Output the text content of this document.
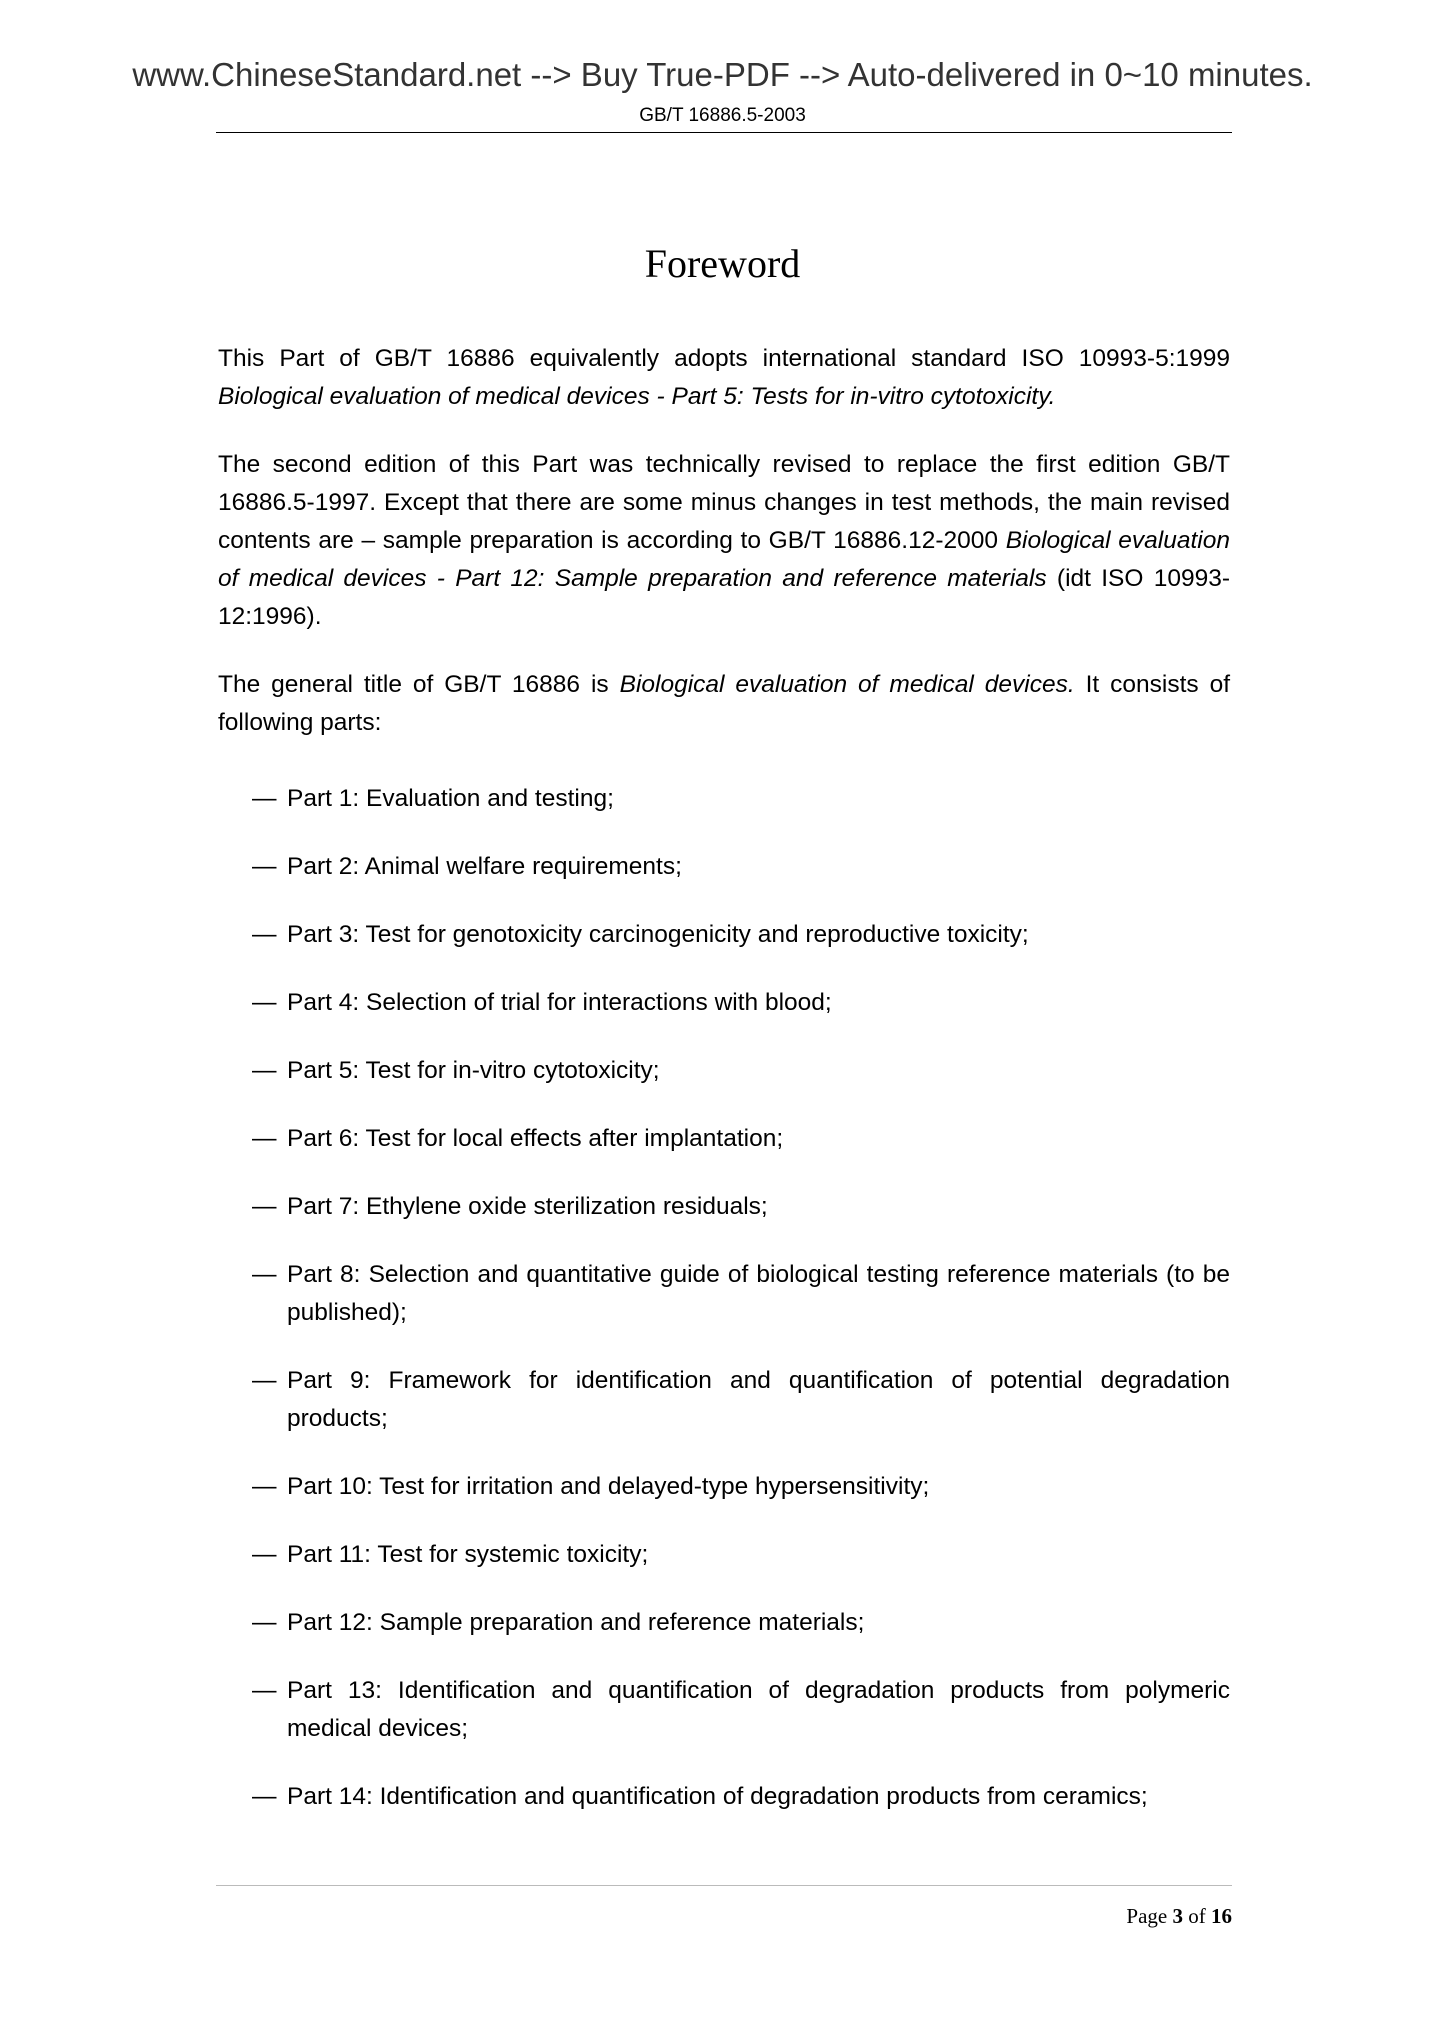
www.ChineseStandard.net --> Buy True-PDF --> Auto-delivered in 0~10 minutes.
GB/T 16886.5-2003
Foreword

This Part of GB/T 16886 equivalently adopts international standard ISO 10993-5:1999 Biological evaluation of medical devices - Part 5: Tests for in-vitro cytotoxicity.

The second edition of this Part was technically revised to replace the first edition GB/T 16886.5-1997. Except that there are some minus changes in test methods, the main revised contents are – sample preparation is according to GB/T 16886.12-2000 Biological evaluation of medical devices - Part 12: Sample preparation and reference materials (idt ISO 10993-12:1996).

The general title of GB/T 16886 is Biological evaluation of medical devices. It consists of following parts:

— Part 1: Evaluation and testing;
— Part 2: Animal welfare requirements;
— Part 3: Test for genotoxicity carcinogenicity and reproductive toxicity;
— Part 4: Selection of trial for interactions with blood;
— Part 5: Test for in-vitro cytotoxicity;
— Part 6: Test for local effects after implantation;
— Part 7: Ethylene oxide sterilization residuals;
— Part 8: Selection and quantitative guide of biological testing reference materials (to be published);
— Part 9: Framework for identification and quantification of potential degradation products;
— Part 10: Test for irritation and delayed-type hypersensitivity;
— Part 11: Test for systemic toxicity;
— Part 12: Sample preparation and reference materials;
— Part 13: Identification and quantification of degradation products from polymeric medical devices;
— Part 14: Identification and quantification of degradation products from ceramics;
Page 3 of 16
